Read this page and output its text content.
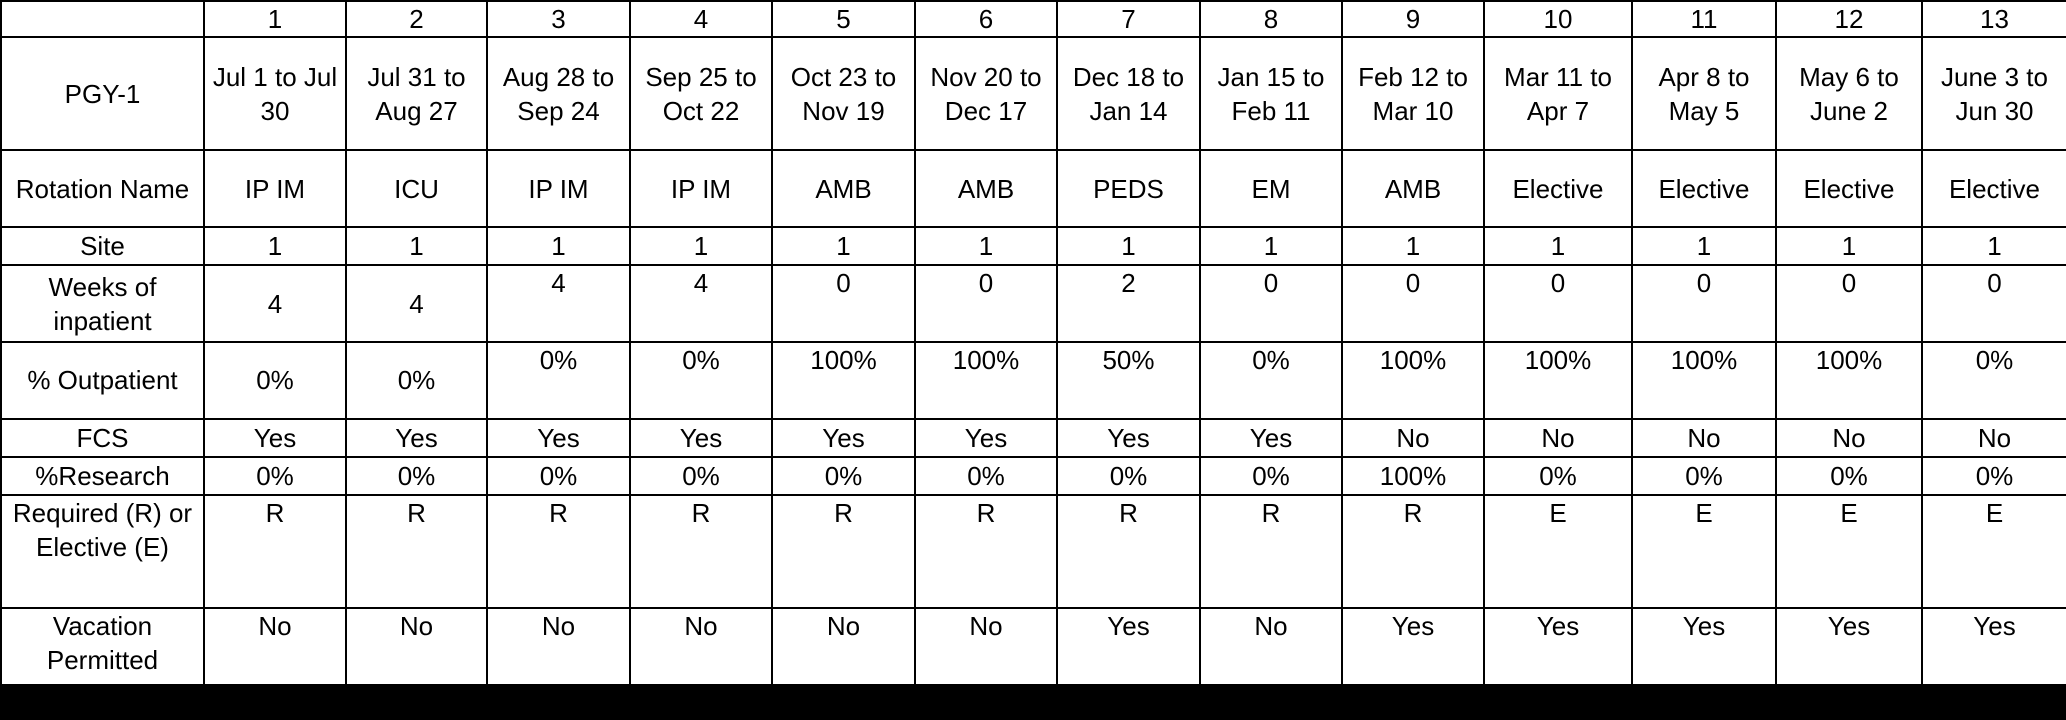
	1	2	3	4	5	6	7	8	9	10	11	12	13
PGY-1	Jul 1 to Jul 30	Jul 31 to Aug 27	Aug 28 to Sep 24	Sep 25 to Oct 22	Oct 23 to Nov 19	Nov 20 to Dec 17	Dec 18 to Jan 14	Jan 15 to Feb 11	Feb 12 to Mar 10	Mar 11 to Apr 7	Apr 8 to May 5	May 6 to June 2	June 3 to Jun 30
Rotation Name	IP IM	ICU	IP IM	IP IM	AMB	AMB	PEDS	EM	AMB	Elective	Elective	Elective	Elective
Site	1	1	1	1	1	1	1	1	1	1	1	1	1
Weeks of inpatient	4	4	4	4	0	0	2	0	0	0	0	0	0
% Outpatient	0%	0%	0%	0%	100%	100%	50%	0%	100%	100%	100%	100%	0%
FCS	Yes	Yes	Yes	Yes	Yes	Yes	Yes	Yes	No	No	No	No	No
%Research	0%	0%	0%	0%	0%	0%	0%	0%	100%	0%	0%	0%	0%
Required (R) or Elective (E)	R	R	R	R	R	R	R	R	R	E	E	E	E
Vacation Permitted	No	No	No	No	No	No	Yes	No	Yes	Yes	Yes	Yes	Yes
